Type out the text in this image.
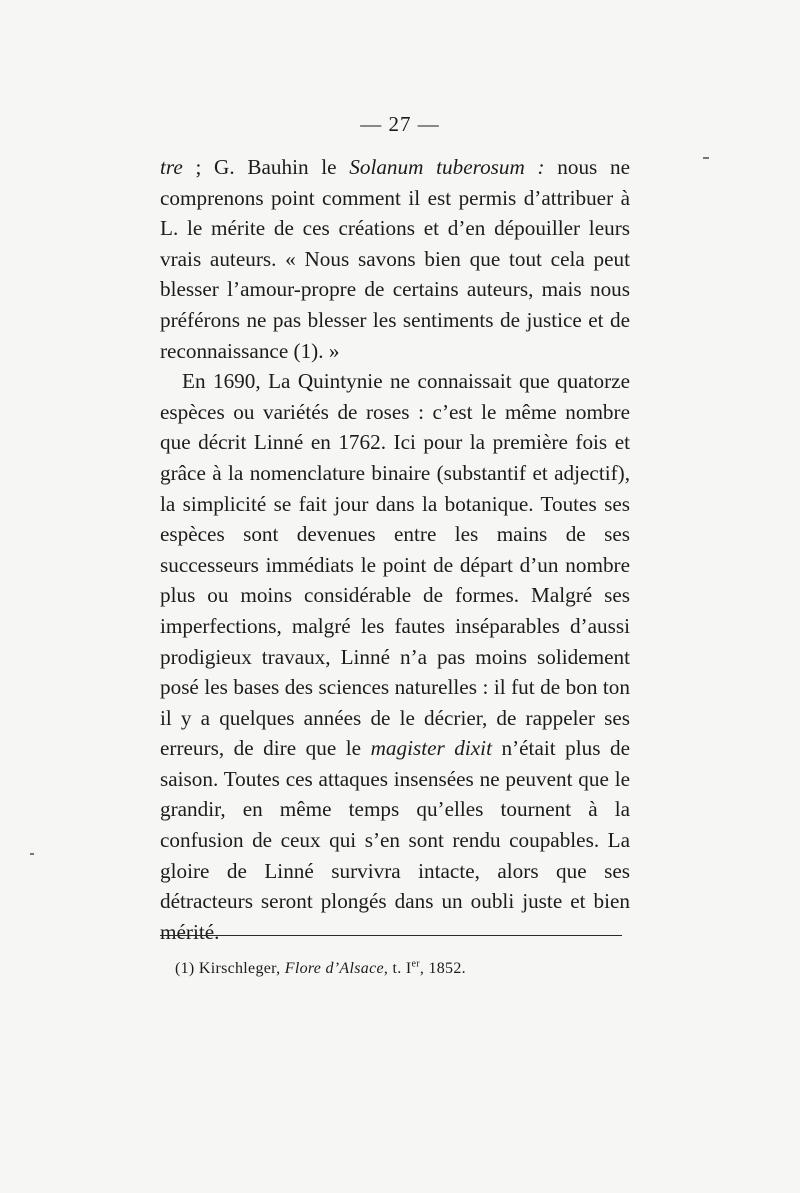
— 27 —

tre ; G. Bauhin le Solanum tuberosum : nous ne comprenons point comment il est permis d’attribuer à L. le mérite de ces créations et d’en dépouiller leurs vrais auteurs. « Nous savons bien que tout cela peut blesser l’amour-propre de certains auteurs, mais nous préférons ne pas blesser les sentiments de justice et de reconnaissance (1). »

En 1690, La Quintynie ne connaissait que quatorze espèces ou variétés de roses : c’est le même nombre que décrit Linné en 1762. Ici pour la première fois et grâce à la nomenclature binaire (substantif et adjectif), la simplicité se fait jour dans la botanique. Toutes ses espèces sont devenues entre les mains de ses successeurs immédiats le point de départ d’un nombre plus ou moins considérable de formes. Malgré ses imperfections, malgré les fautes inséparables d’aussi prodigieux travaux, Linné n’a pas moins solidement posé les bases des sciences naturelles : il fut de bon ton il y a quelques années de le décrier, de rappeler ses erreurs, de dire que le magister dixit n’était plus de saison. Toutes ces attaques insensées ne peuvent que le grandir, en même temps qu’elles tournent à la confusion de ceux qui s’en sont rendu coupables. La gloire de Linné survivra intacte, alors que ses détracteurs seront plongés dans un oubli juste et bien mérité.

(1) Kirschleger, Flore d’Alsace, t. Ier, 1852.
